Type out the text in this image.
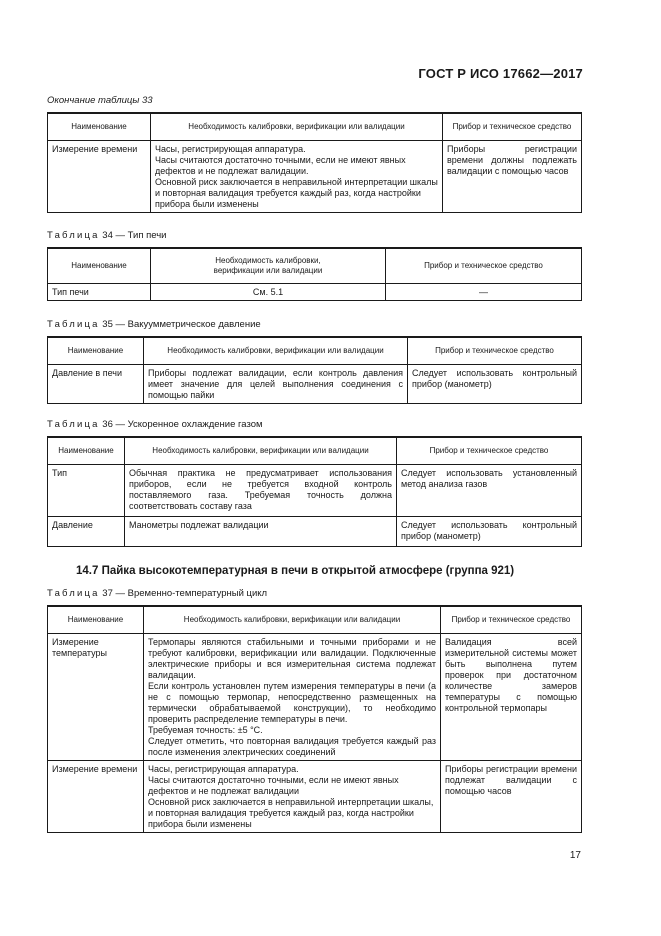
ГОСТ Р ИСО 17662—2017
Окончание таблицы 33
Наименование	Необходимость калибровки, верификации или валидации	Прибор и техническое средство
Измерение времени	Часы, регистрирующая аппаратура.
Часы считаются достаточно точными, если не имеют явных дефектов и не подлежат валидации.
Основной риск заключается в неправильной интерпретации шкалы и повторная валидация требуется каждый раз, когда настройки прибора были изменены	Приборы регистрации времени должны подлежать валидации с помощью часов
Таблица 34 — Тип печи
Наименование	Необходимость калибровки, верификации или валидации	Прибор и техническое средство
Тип печи	См. 5.1	—
Таблица 35 — Вакуумметрическое давление
Наименование	Необходимость калибровки, верификации или валидации	Прибор и техническое средство
Давление в печи	Приборы подлежат валидации, если контроль давления имеет значение для целей выполнения соединения с помощью пайки	Следует использовать контрольный прибор (манометр)
Таблица 36 — Ускоренное охлаждение газом
Наименование	Необходимость калибровки, верификации или валидации	Прибор и техническое средство
Тип	Обычная практика не предусматривает использования приборов, если не требуется входной контроль поставляемого газа. Требуемая точность должна соответствовать составу газа	Следует использовать установленный метод анализа газов
Давление	Манометры подлежат валидации	Следует использовать контрольный прибор (манометр)
14.7 Пайка высокотемпературная в печи в открытой атмосфере (группа 921)
Таблица 37 — Временно-температурный цикл
Наименование	Необходимость калибровки, верификации или валидации	Прибор и техническое средство
Измерение температуры	Термопары являются стабильными и точными приборами и не требуют калибровки, верификации или валидации. Подключенные электрические приборы и вся измерительная система подлежат валидации.
Если контроль установлен путем измерения температуры в печи (а не с помощью термопар, непосредственно размещенных на термически обрабатываемой конструкции), то необходимо проверить распределение температуры в печи.
Требуемая точность: ±5 °С.
Следует отметить, что повторная валидация требуется каждый раз после изменения электрических соединений	Валидация всей измерительной системы может быть выполнена путем проверок при достаточном количестве замеров температуры с помощью контрольной термопары
Измерение времени	Часы, регистрирующая аппаратура.
Часы считаются достаточно точными, если не имеют явных дефектов и не подлежат валидации
Основной риск заключается в неправильной интерпретации шкалы, и повторная валидация требуется каждый раз, когда настройки прибора были изменены	Приборы регистрации времени подлежат валидации с помощью часов
17
